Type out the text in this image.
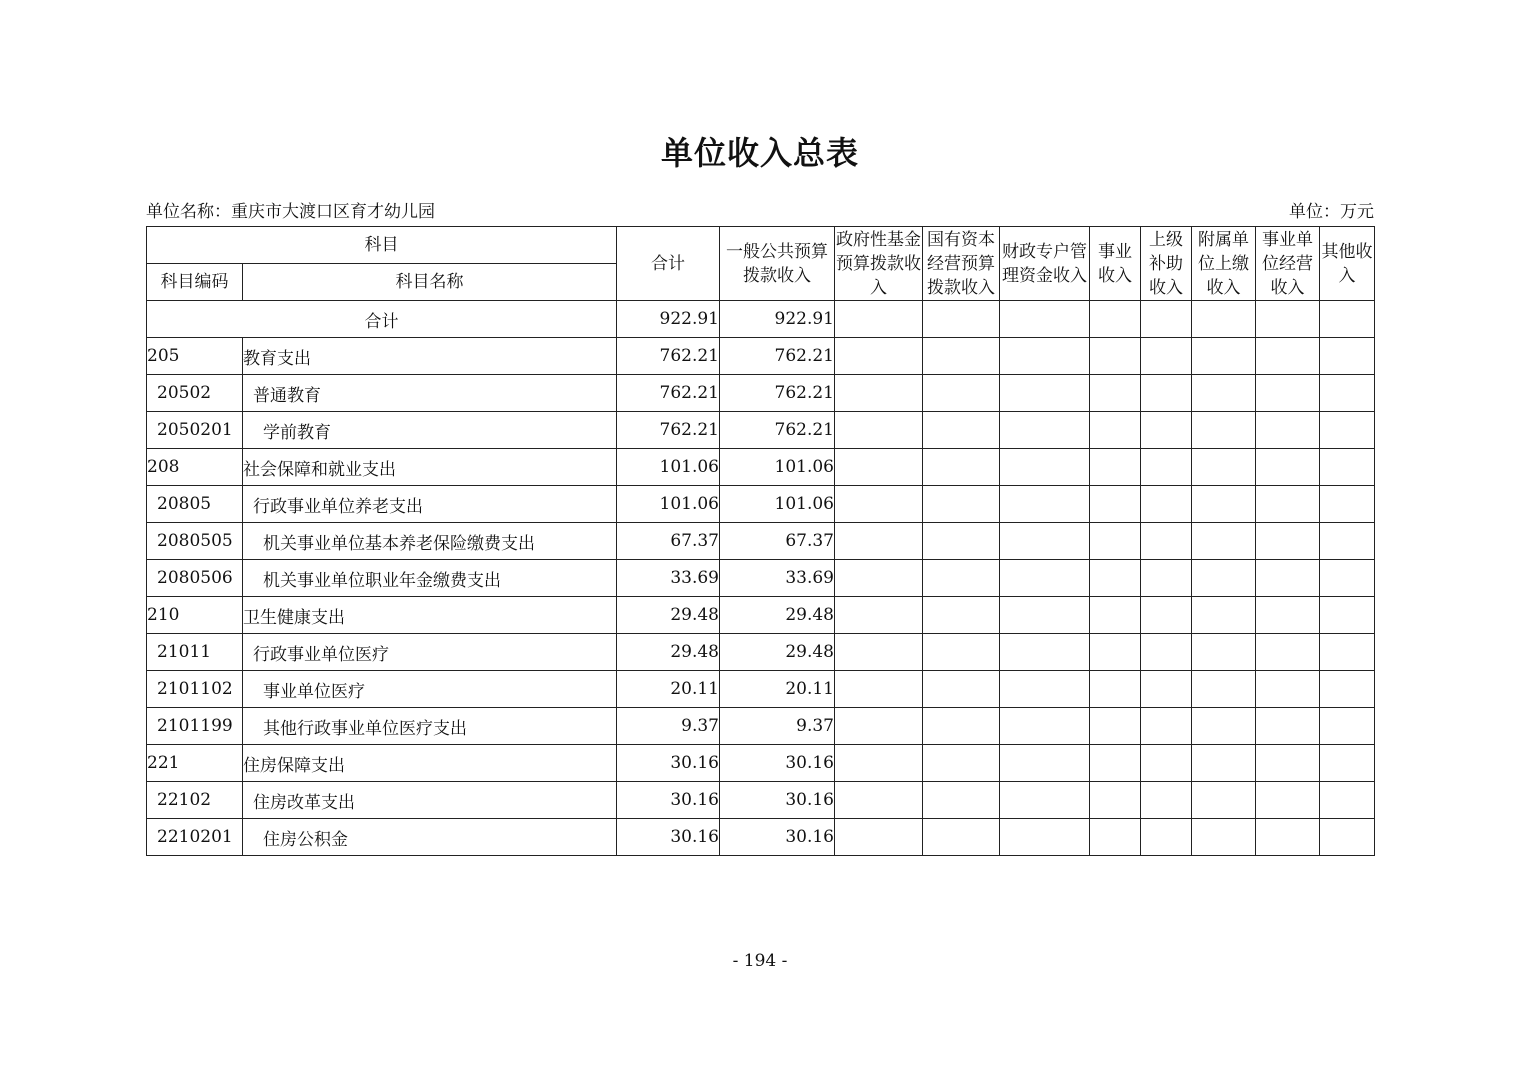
单位收入总表
单位名称：重庆市大渡口区育才幼儿园	单位：万元
科目		合计	一般公共预算拨款收入	政府性基金预算拨款收入	国有资本经营预算拨款收入	财政专户管理资金收入	事业收入	上级补助收入	附属单位上缴收入	事业单位经营收入	其他收入
科目编码	科目名称										
合计		922.91	922.91								
205	教育支出	762.21	762.21								
20502	普通教育	762.21	762.21								
2050201	学前教育	762.21	762.21								
208	社会保障和就业支出	101.06	101.06								
20805	行政事业单位养老支出	101.06	101.06								
2080505	机关事业单位基本养老保险缴费支出	67.37	67.37								
2080506	机关事业单位职业年金缴费支出	33.69	33.69								
210	卫生健康支出	29.48	29.48								
21011	行政事业单位医疗	29.48	29.48								
2101102	事业单位医疗	20.11	20.11								
2101199	其他行政事业单位医疗支出	9.37	9.37								
221	住房保障支出	30.16	30.16								
22102	住房改革支出	30.16	30.16								
2210201	住房公积金	30.16	30.16								
- 194 -
